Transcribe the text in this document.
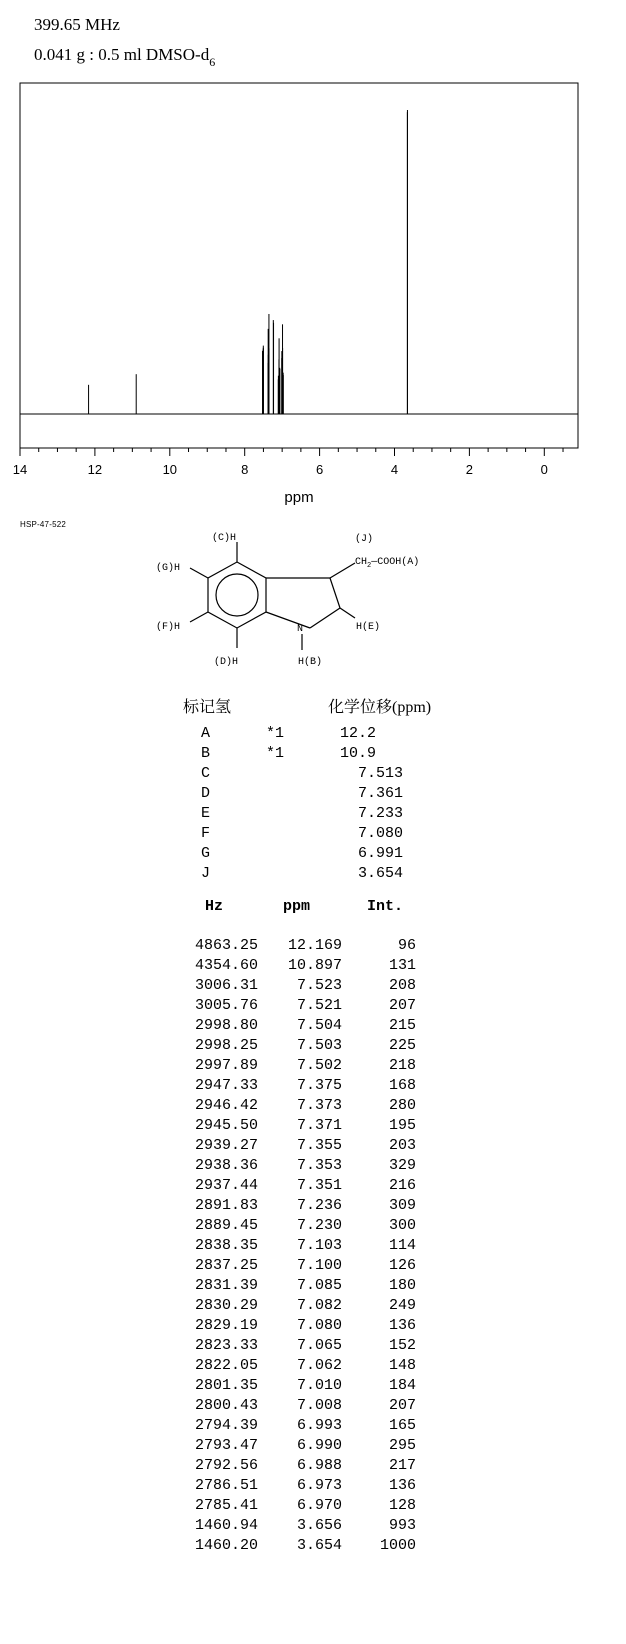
399.65 MHz
0.041 g : 0.5 ml DMSO-$d_6$
14	12	10	8	6	4	2	0
ppm
HSP-47-522
(C)H
(G)H
(F)H
(D)H
N
H(B)
H(E)
(J)
$CH_2—COOH(A)$
标记氢	化学位移(ppm)
A	*1	12.2
B	*1	10.9
C	7.513
D	7.361
E	7.233
F	7.080
G	6.991
J	3.654
Hz	ppm	Int.
4863.25	12.169	96
4354.60	10.897	131
3006.31	7.523	208
3005.76	7.521	207
2998.80	7.504	215
2998.25	7.503	225
2997.89	7.502	218
2947.33	7.375	168
2946.42	7.373	280
2945.50	7.371	195
2939.27	7.355	203
2938.36	7.353	329
2937.44	7.351	216
2891.83	7.236	309
2889.45	7.230	300
2838.35	7.103	114
2837.25	7.100	126
2831.39	7.085	180
2830.29	7.082	249
2829.19	7.080	136
2823.33	7.065	152
2822.05	7.062	148
2801.35	7.010	184
2800.43	7.008	207
2794.39	6.993	165
2793.47	6.990	295
2792.56	6.988	217
2786.51	6.973	136
2785.41	6.970	128
1460.94	3.656	993
1460.20	3.654	1000
